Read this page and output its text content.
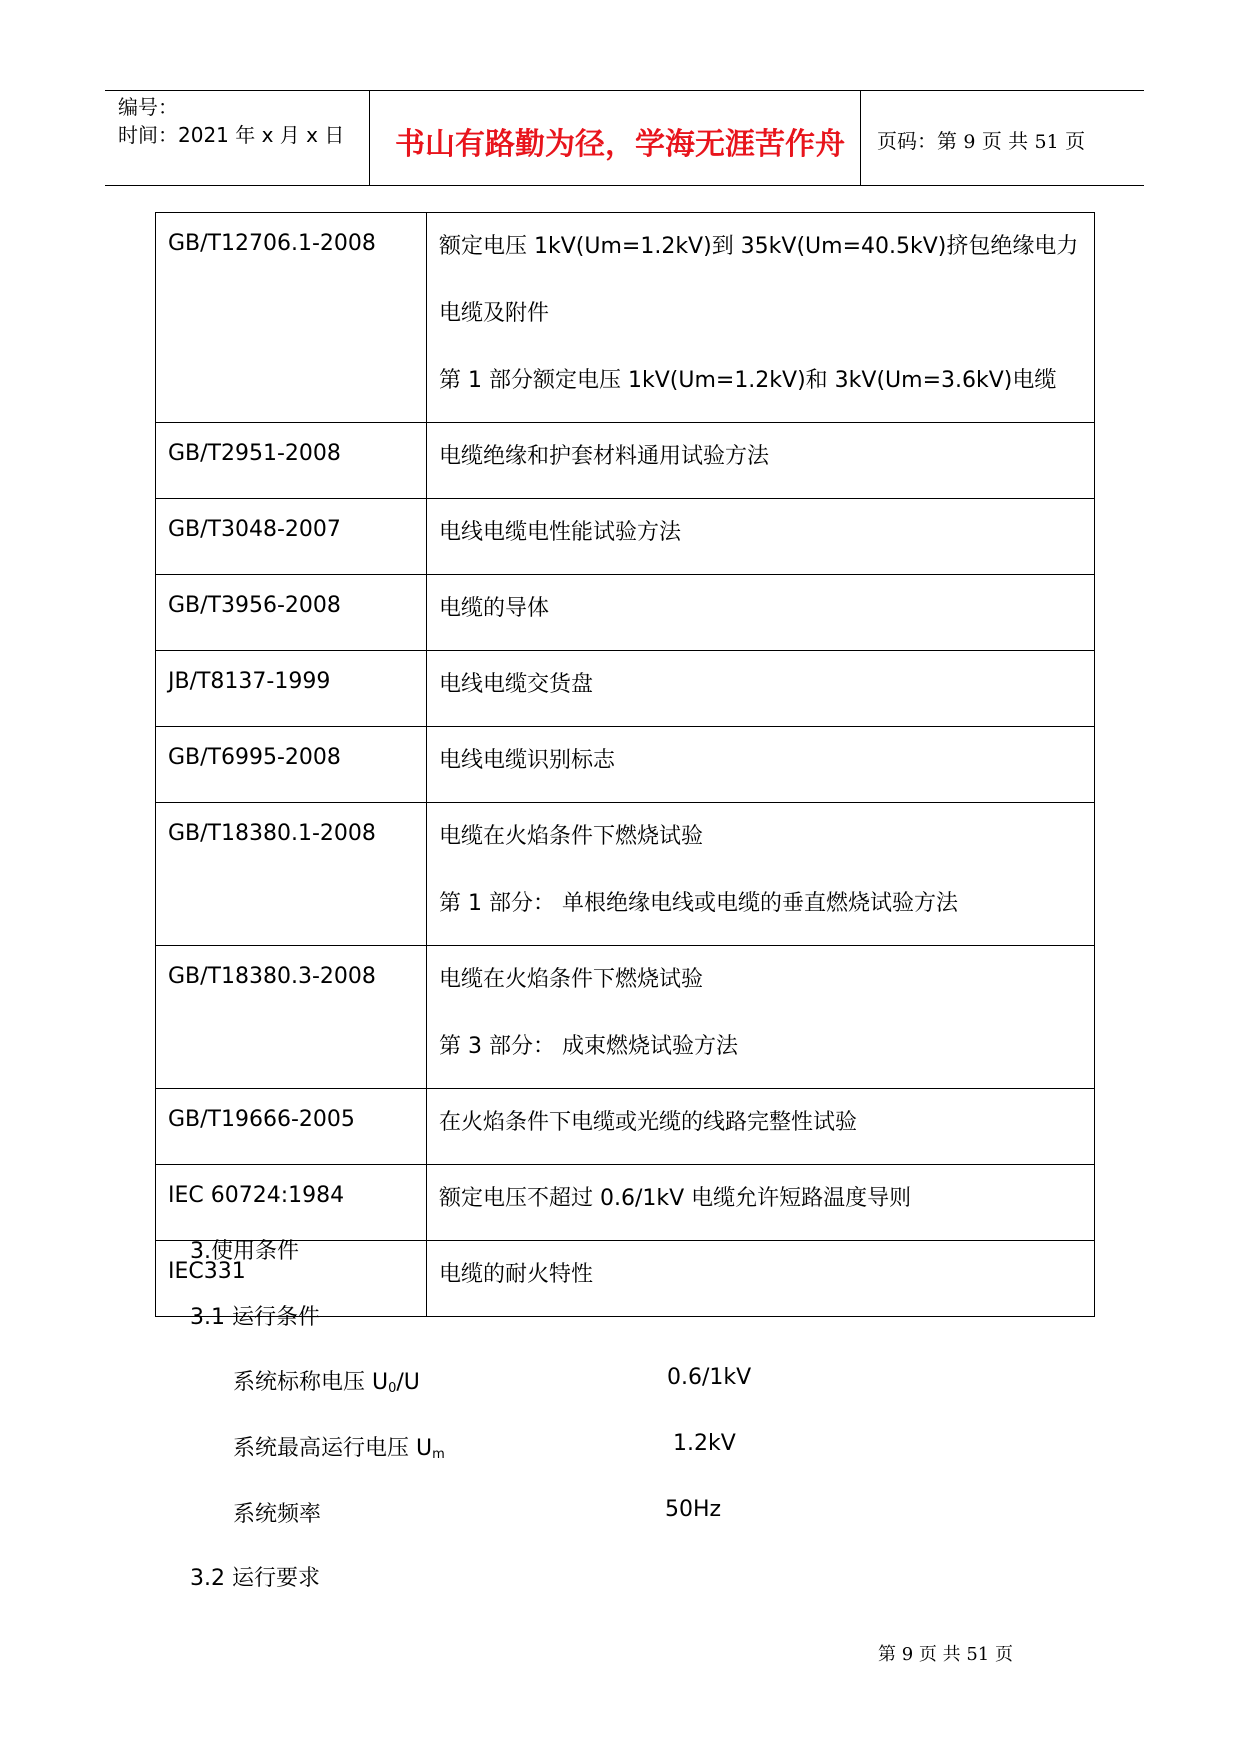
编号：
时间：2021 年 x 月 x 日 书山有路勤为径，学海无涯苦作舟 页码：第 9 页 共 51 页
GB/T12706.1-2008	额定电压 1kV(Um=1.2kV)到 35kV(Um=40.5kV)挤包绝缘电力
电缆及附件
第 1 部分额定电压 1kV(Um=1.2kV)和 3kV(Um=3.6kV)电缆

GB/T2951-2008	电缆绝缘和护套材料通用试验方法

GB/T3048-2007	电线电缆电性能试验方法

GB/T3956-2008	电缆的导体

JB/T8137-1999	电线电缆交货盘

GB/T6995-2008	电线电缆识别标志

GB/T18380.1-2008	电缆在火焰条件下燃烧试验
第 1 部分： 单根绝缘电线或电缆的垂直燃烧试验方法

GB/T18380.3-2008	电缆在火焰条件下燃烧试验
第 3 部分： 成束燃烧试验方法

GB/T19666-2005	在火焰条件下电缆或光缆的线路完整性试验

IEC 60724:1984	额定电压不超过 0.6/1kV 电缆允许短路温度导则

IEC331	电缆的耐火特性
3.使用条件
3.1 运行条件
系统标称电压 $U_0/U$	0.6/1kV
系统最高运行电压 $U_m$	1.2kV
系统频率	50Hz
3.2 运行要求
第 9 页 共 51 页
